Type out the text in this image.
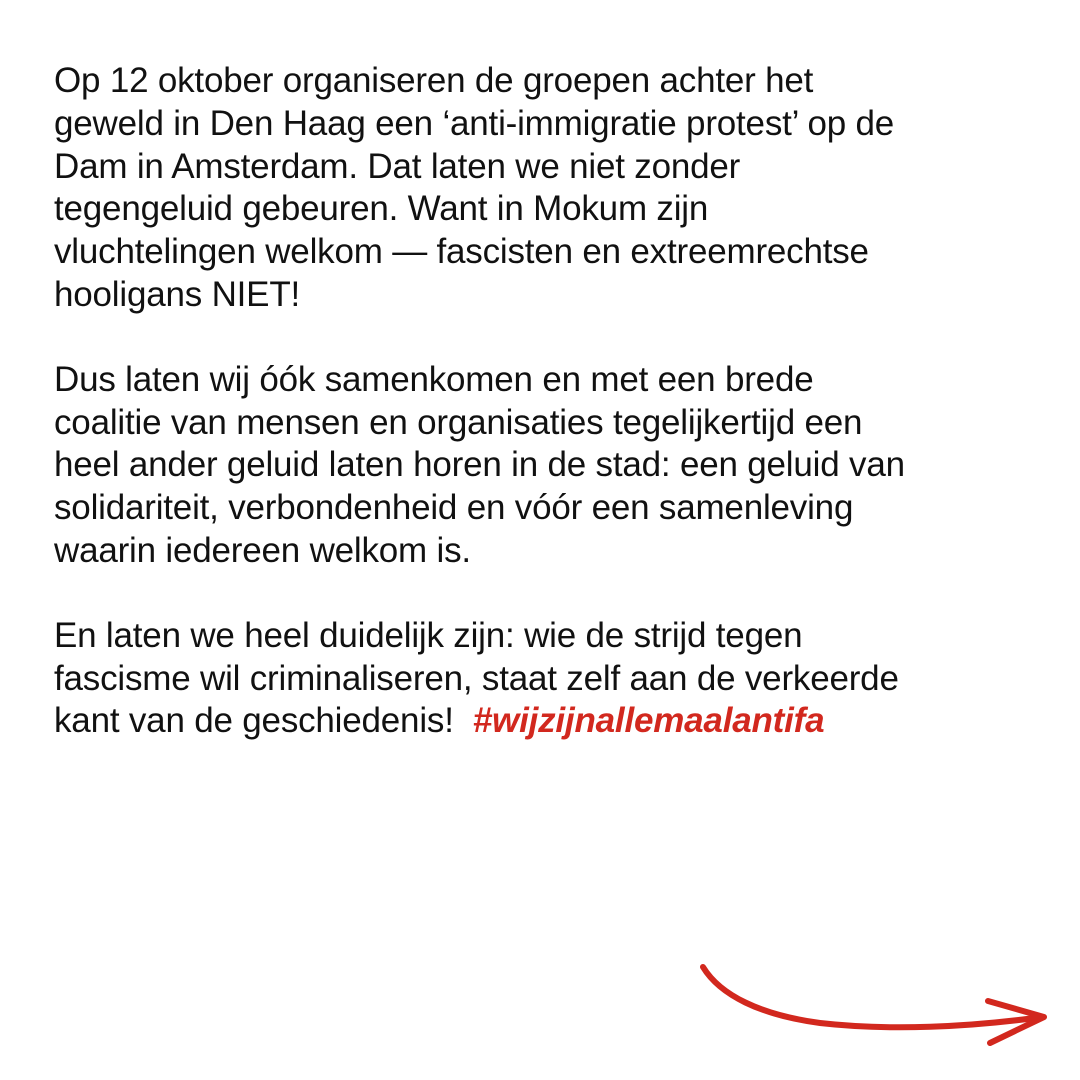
Op 12 oktober organiseren de groepen achter het
geweld in Den Haag een ‘anti-immigratie protest’ op de
Dam in Amsterdam. Dat laten we niet zonder
tegengeluid gebeuren. Want in Mokum zijn
vluchtelingen welkom — fascisten en extreemrechtse
hooligans NIET!

Dus laten wij óók samenkomen en met een brede
coalitie van mensen en organisaties tegelijkertijd een
heel ander geluid laten horen in de stad: een geluid van
solidariteit, verbondenheid en vóór een samenleving
waarin iedereen welkom is.

En laten we heel duidelijk zijn: wie de strijd tegen
fascisme wil criminaliseren, staat zelf aan de verkeerde
kant van de geschiedenis! #wijzijnallemaalantifa
